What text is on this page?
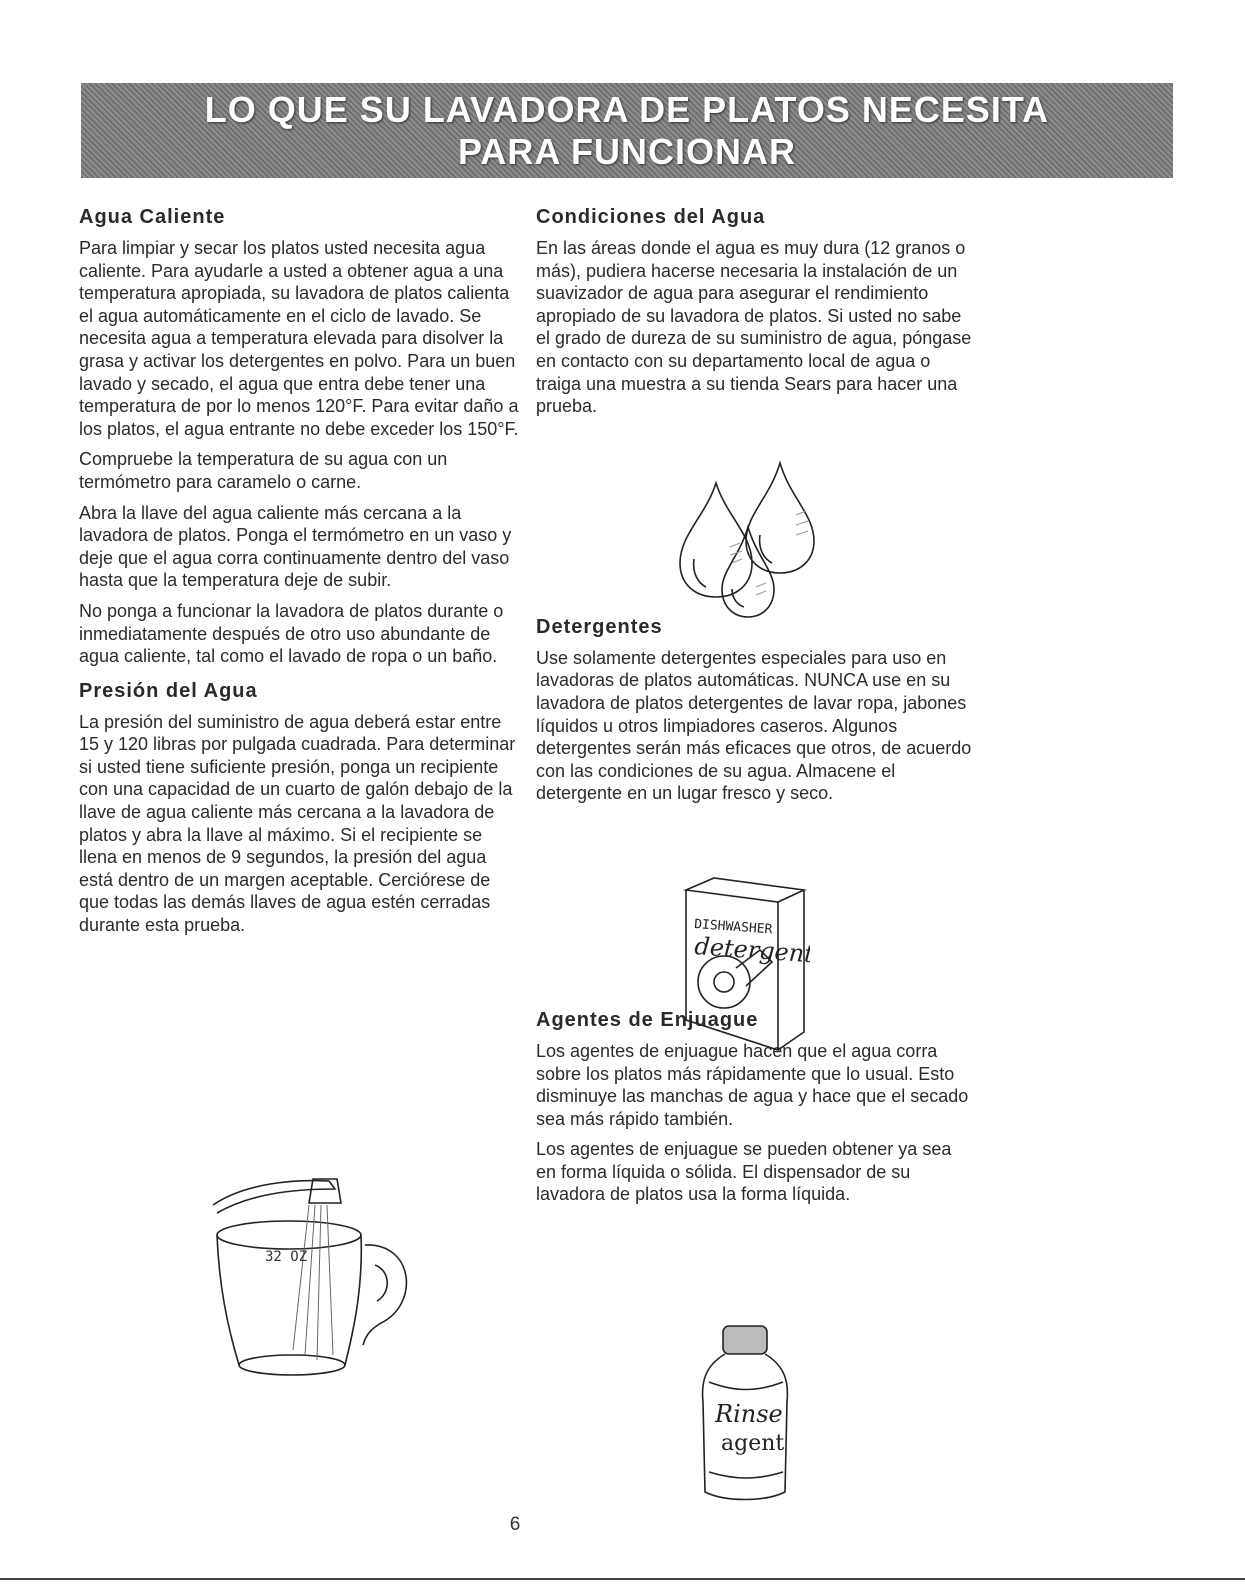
LO QUE SU LAVADORA DE PLATOS NECESITA
PARA FUNCIONAR
Agua Caliente

Para limpiar y secar los platos usted necesita agua caliente. Para ayudarle a usted a obtener agua a una temperatura apropiada, su lavadora de platos calienta el agua automáticamente en el ciclo de lavado. Se necesita agua a temperatura elevada para disolver la grasa y activar los detergentes en polvo. Para un buen lavado y secado, el agua que entra debe tener una temperatura de por lo menos 120°F. Para evitar daño a los platos, el agua entrante no debe exceder los 150°F.

Compruebe la temperatura de su agua con un termómetro para caramelo o carne.

Abra la llave del agua caliente más cercana a la lavadora de platos. Ponga el termómetro en un vaso y deje que el agua corra continuamente dentro del vaso hasta que la temperatura deje de subir.

No ponga a funcionar la lavadora de platos durante o inmediatamente después de otro uso abundante de agua caliente, tal como el lavado de ropa o un baño.

Presión del Agua

La presión del suministro de agua deberá estar entre 15 y 120 libras por pulgada cuadrada. Para determinar si usted tiene suficiente presión, ponga un recipiente con una capacidad de un cuarto de galón debajo de la llave de agua caliente más cercana a la lavadora de platos y abra la llave al máximo. Si el recipiente se llena en menos de 9 segundos, la presión del agua está dentro de un margen aceptable. Cerciórese de que todas las demás llaves de agua estén cerradas durante esta prueba.

Condiciones del Agua

En las áreas donde el agua es muy dura (12 granos o más), pudiera hacerse necesaria la instalación de un suavizador de agua para asegurar el rendimiento apropiado de su lavadora de platos. Si usted no sabe el grado de dureza de su suministro de agua, póngase en contacto con su departamento local de agua o traiga una muestra a su tienda Sears para hacer una prueba.

Detergentes

Use solamente detergentes especiales para uso en lavadoras de platos automáticas. NUNCA use en su lavadora de platos detergentes de lavar ropa, jabones líquidos u otros limpiadores caseros. Algunos detergentes serán más eficaces que otros, de acuerdo con las condiciones de su agua. Almacene el detergente en un lugar fresco y seco.

Agentes de Enjuague

Los agentes de enjuague hacen que el agua corra sobre los platos más rápidamente que lo usual. Esto disminuye las manchas de agua y hace que el secado sea más rápido también.

Los agentes de enjuague se pueden obtener ya sea en forma líquida o sólida. El dispensador de su lavadora de platos usa la forma líquida.

DISHWASHER
detergent
32 OZ
Rinse
agent
6
